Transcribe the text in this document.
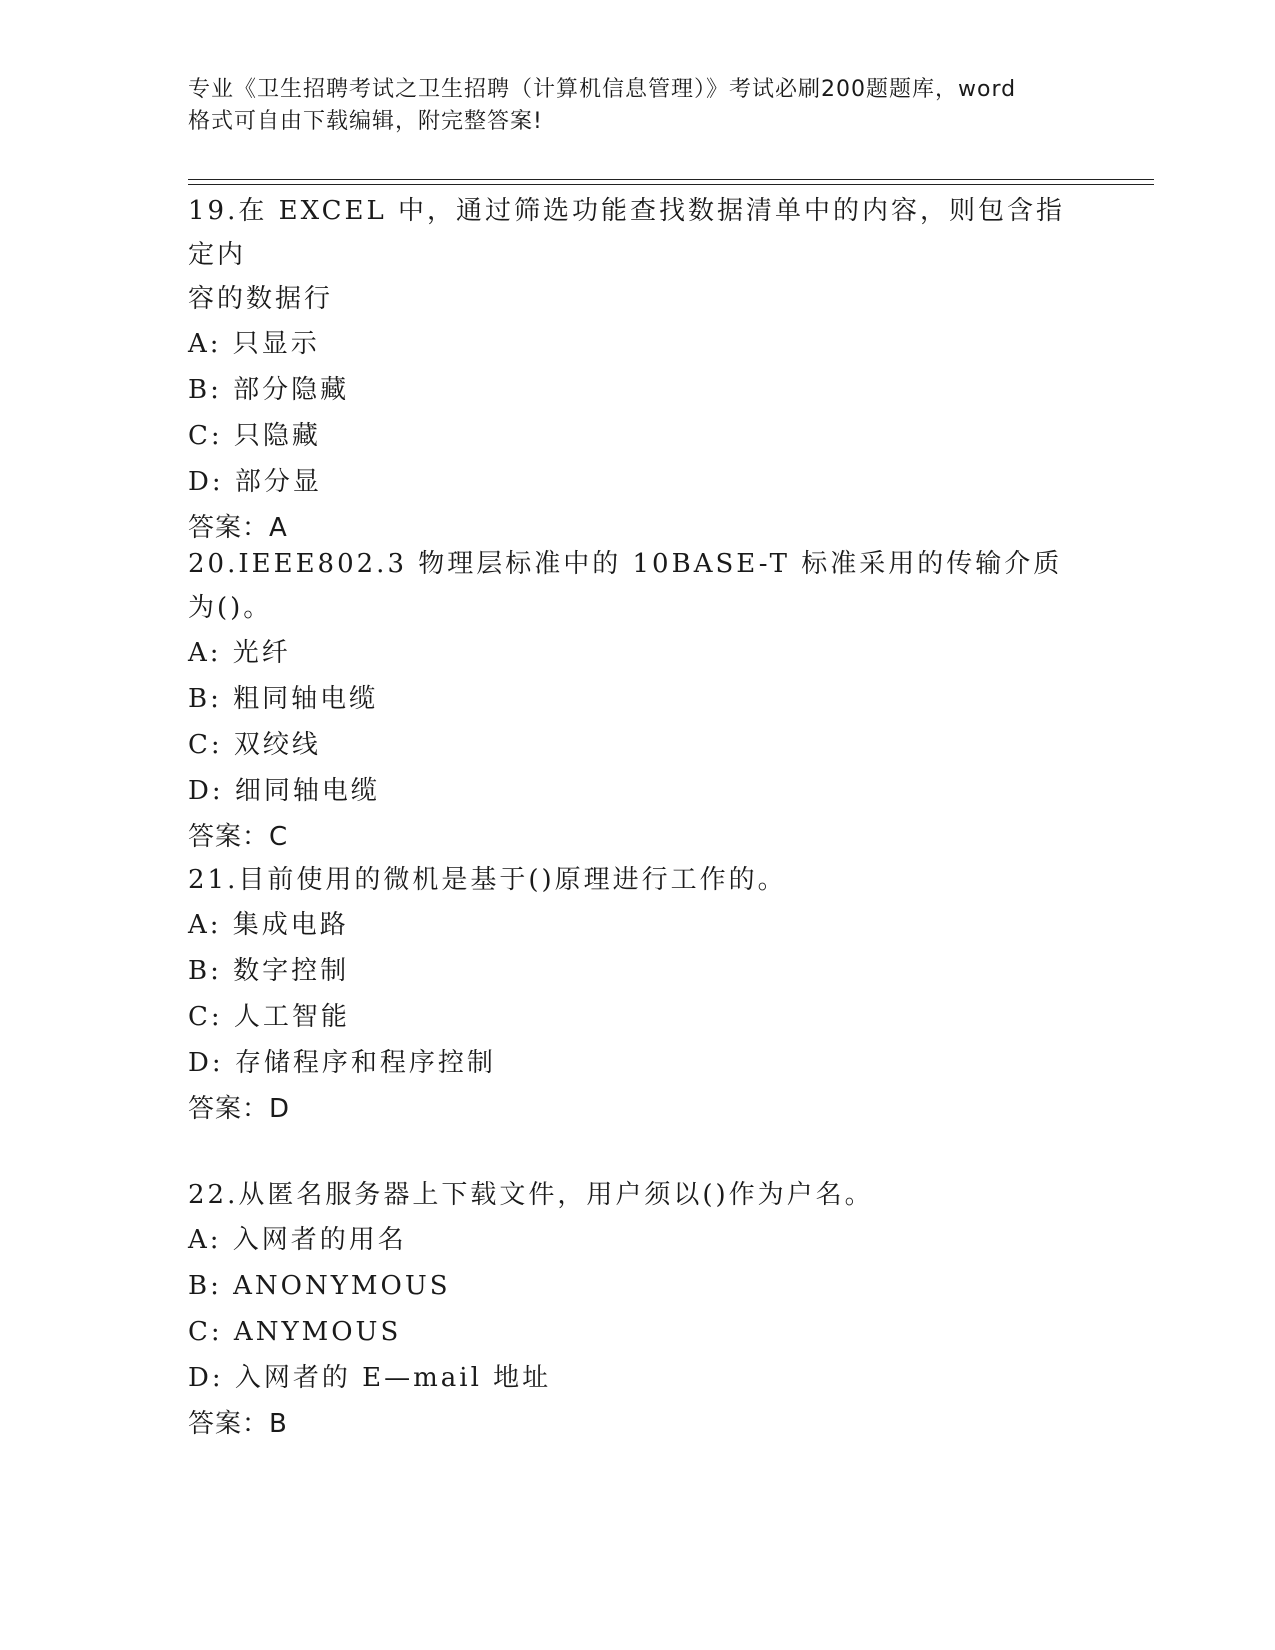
专业《卫生招聘考试之卫生招聘（计算机信息管理）》考试必刷200题题库，word
格式可自由下载编辑，附完整答案!
19.在 EXCEL 中，通过筛选功能查找数据清单中的内容，则包含指定内
容的数据行
A: 只显示
B: 部分隐藏
C: 只隐藏
D: 部分显
答案：A
20.IEEE802.3 物理层标准中的 10BASE-T 标准采用的传输介质为()。
A: 光纤
B: 粗同轴电缆
C: 双绞线
D: 细同轴电缆
答案：C
21.目前使用的微机是基于()原理进行工作的。
A: 集成电路
B: 数字控制
C: 人工智能
D: 存储程序和程序控制
答案：D
22.从匿名服务器上下载文件，用户须以()作为户名。
A: 入网者的用名
B: ANONYMOUS
C: ANYMOUS
D: 入网者的 E—mail 地址
答案：B
